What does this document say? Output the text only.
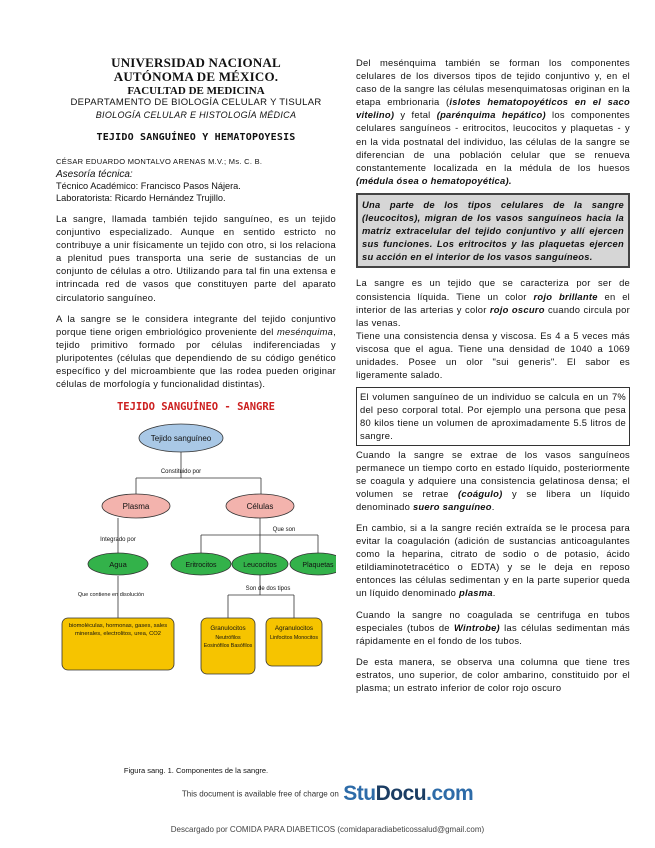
UNIVERSIDAD NACIONAL
AUTÓNOMA DE MÉXICO.
FACULTAD DE MEDICINA
DEPARTAMENTO DE BIOLOGÍA CELULAR Y TISULAR
BIOLOGÍA CELULAR E HISTOLOGÍA MÉDICA
TEJIDO SANGUÍNEO Y HEMATOPOYESIS
CÉSAR EDUARDO MONTALVO ARENAS M.V.; Ms. C. B.
Asesoría técnica:
Técnico Académico: Francisco Pasos Nájera.
Laboratorista: Ricardo Hernández Trujillo.

La sangre, llamada también tejido sanguíneo, es un tejido conjuntivo especializado. Aunque en sentido estricto no contribuye a unir físicamente un tejido con otro, si los relaciona a plenitud pues transporta una serie de sustancias de un conjunto de células a otro. Utilizando para tal fin una extensa e intrincada red de vasos que constituyen parte del aparato circulatorio sanguíneo.

A la sangre se le considera integrante del tejido conjuntivo porque tiene origen embriológico proveniente del mesénquima, tejido primitivo formado por células indiferenciadas y pluripotentes (células que dependiendo de su código genético específico y del microambiente que las rodea pueden originar células de morfología y funcionalidad distintas).

TEJIDO SANGUÍNEO - SANGRE
Tejido sanguíneo
Constituido por
Plasma	Células
Integrado por
Que son
Agua	Eritrocitos	Leucocitos	Plaquetas
Que contiene en disolución
Son de dos tipos
biomoléculas, hormonas, gases, sales minerales, electrolitos, urea, CO2
Granulocitos
Neutrófilos Eosinófilos Basófilos
Agranulocitos
Linfocitos Monocitos
Figura sang. 1. Componentes de la sangre.

Del mesénquima también se forman los componentes celulares de los diversos tipos de tejido conjuntivo y, en el caso de la sangre las células mesenquimatosas originan en la etapa embrionaria (islotes hematopoyéticos en el saco vitelino) y fetal (parénquima hepático) los componentes celulares sanguíneos - eritrocitos, leucocitos y plaquetas - y en la vida postnatal del individuo, las células de la sangre se diferencian de una población celular que se renueva constantemente localizada en la médula de los huesos (médula ósea o hematopoyética).

Una parte de los tipos celulares de la sangre (leucocitos), migran de los vasos sanguíneos hacia la matriz extracelular del tejido conjuntivo y allí ejercen sus funciones. Los eritrocitos y las plaquetas ejercen su acción en el interior de los vasos sanguíneos.

La sangre es un tejido que se caracteriza por ser de consistencia líquida. Tiene un color rojo brillante en el interior de las arterias y color rojo oscuro cuando circula por las venas.

Tiene una consistencia densa y viscosa. Es 4 a 5 veces más viscosa que el agua. Tiene una densidad de 1040 a 1069 unidades. Posee un olor "sui generis". El sabor es ligeramente salado.

El volumen sanguíneo de un individuo se calcula en un 7% del peso corporal total. Por ejemplo una persona que pesa 80 kilos tiene un volumen de aproximadamente 5.5 litros de sangre.

Cuando la sangre se extrae de los vasos sanguíneos permanece un tiempo corto en estado líquido, posteriormente se coagula y adquiere una consistencia gelatinosa densa; el volumen se retrae (coágulo) y se libera un líquido denominado suero sanguíneo.

En cambio, si a la sangre recién extraída se le procesa para evitar la coagulación (adición de sustancias anticoagulantes como la heparina, citrato de sodio o de potasio, ácido etildiaminotetracético o EDTA) y se le deja en reposo entonces las células sedimentan y en la parte superior queda un líquido denominado plasma.

Cuando la sangre no coagulada se centrifuga en tubos especiales (tubos de Wintrobe) las células sedimentan más rápidamente en el fondo de los tubos.

De esta manera, se observa una columna que tiene tres estratos, uno superior, de color ambarino, constituido por el plasma; un estrato inferior de color rojo oscuro

This document is available free of charge on StuDocu.com
Descargado por COMIDA PARA DIABETICOS (comidaparadiabeticossalud@gmail.com)
